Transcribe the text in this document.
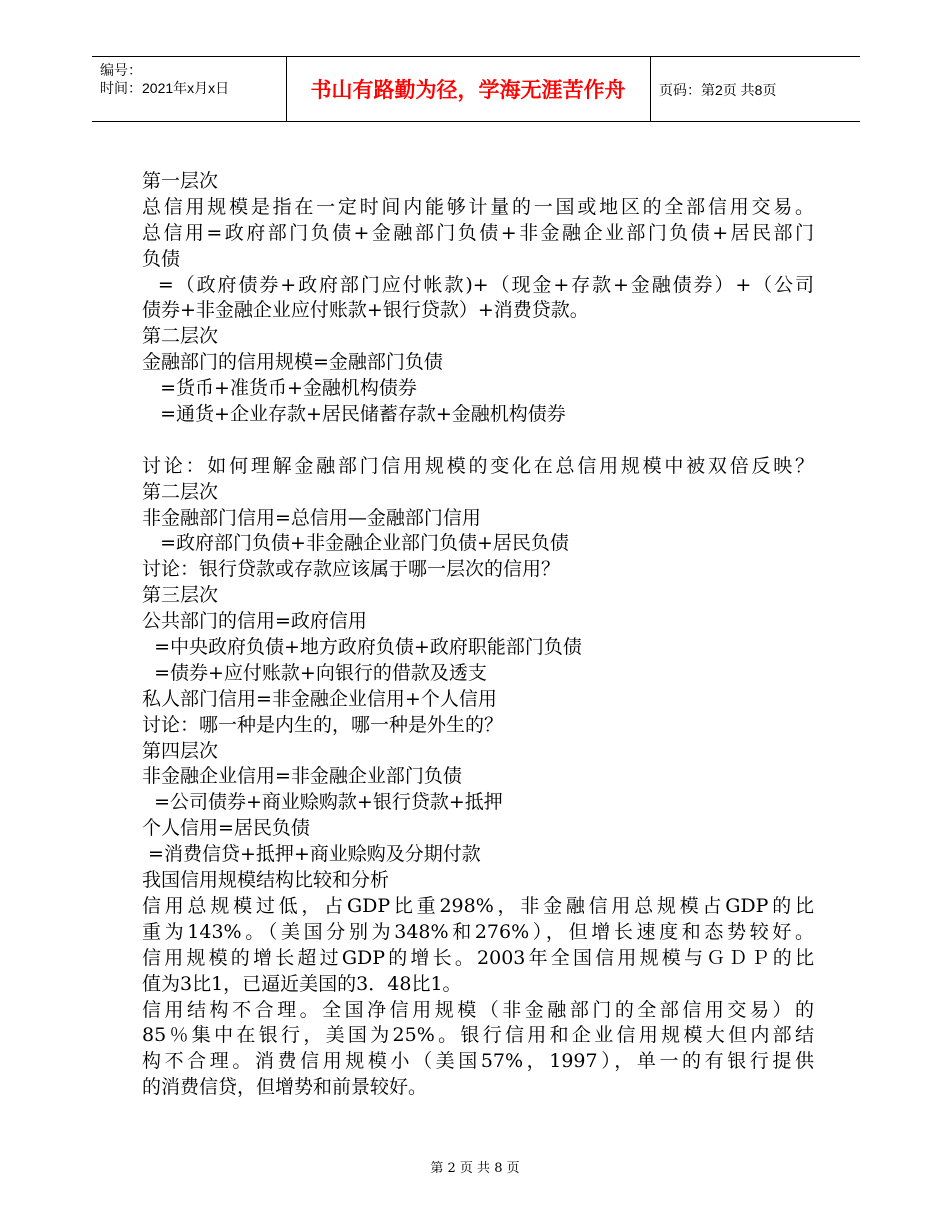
编号：
时间：2021年x月x日	书山有路勤为径，学海无涯苦作舟	页码：第2页 共8页
第一层次
总信用规模是指在一定时间内能够计量的一国或地区的全部信用交易。
总信用=政府部门负债+金融部门负债+非金融企业部门负债+居民部门
负债
=（政府债券+政府部门应付帐款)+（现金+存款+金融债券）+（公司
债券+非金融企业应付账款+银行贷款）+消费贷款。
第二层次
金融部门的信用规模=金融部门负债
=货币+准货币+金融机构债券
=通货+企业存款+居民储蓄存款+金融机构债券
讨论：如何理解金融部门信用规模的变化在总信用规模中被双倍反映？
第二层次
非金融部门信用=总信用—金融部门信用
=政府部门负债+非金融企业部门负债+居民负债
讨论：银行贷款或存款应该属于哪一层次的信用？
第三层次
公共部门的信用=政府信用
=中央政府负债+地方政府负债+政府职能部门负债
=债券+应付账款+向银行的借款及透支
私人部门信用=非金融企业信用+个人信用
讨论：哪一种是内生的，哪一种是外生的？
第四层次
非金融企业信用=非金融企业部门负债
=公司债券+商业赊购款+银行贷款+抵押
个人信用=居民负债
=消费信贷+抵押+商业赊购及分期付款
我国信用规模结构比较和分析
信用总规模过低，占GDP比重298%，非金融信用总规模占GDP的比
重为143%。（美国分别为348%和276%），但增长速度和态势较好。
信用规模的增长超过GDP的增长。2003年全国信用规模与ＧＤＰ的比
值为3比1，已逼近美国的3．48比1。
信用结构不合理。全国净信用规模（非金融部门的全部信用交易）的
85％集中在银行，美国为25%。银行信用和企业信用规模大但内部结
构不合理。消费信用规模小（美国57%，1997），单一的有银行提供
的消费信贷，但增势和前景较好。
第 2 页 共 8 页
